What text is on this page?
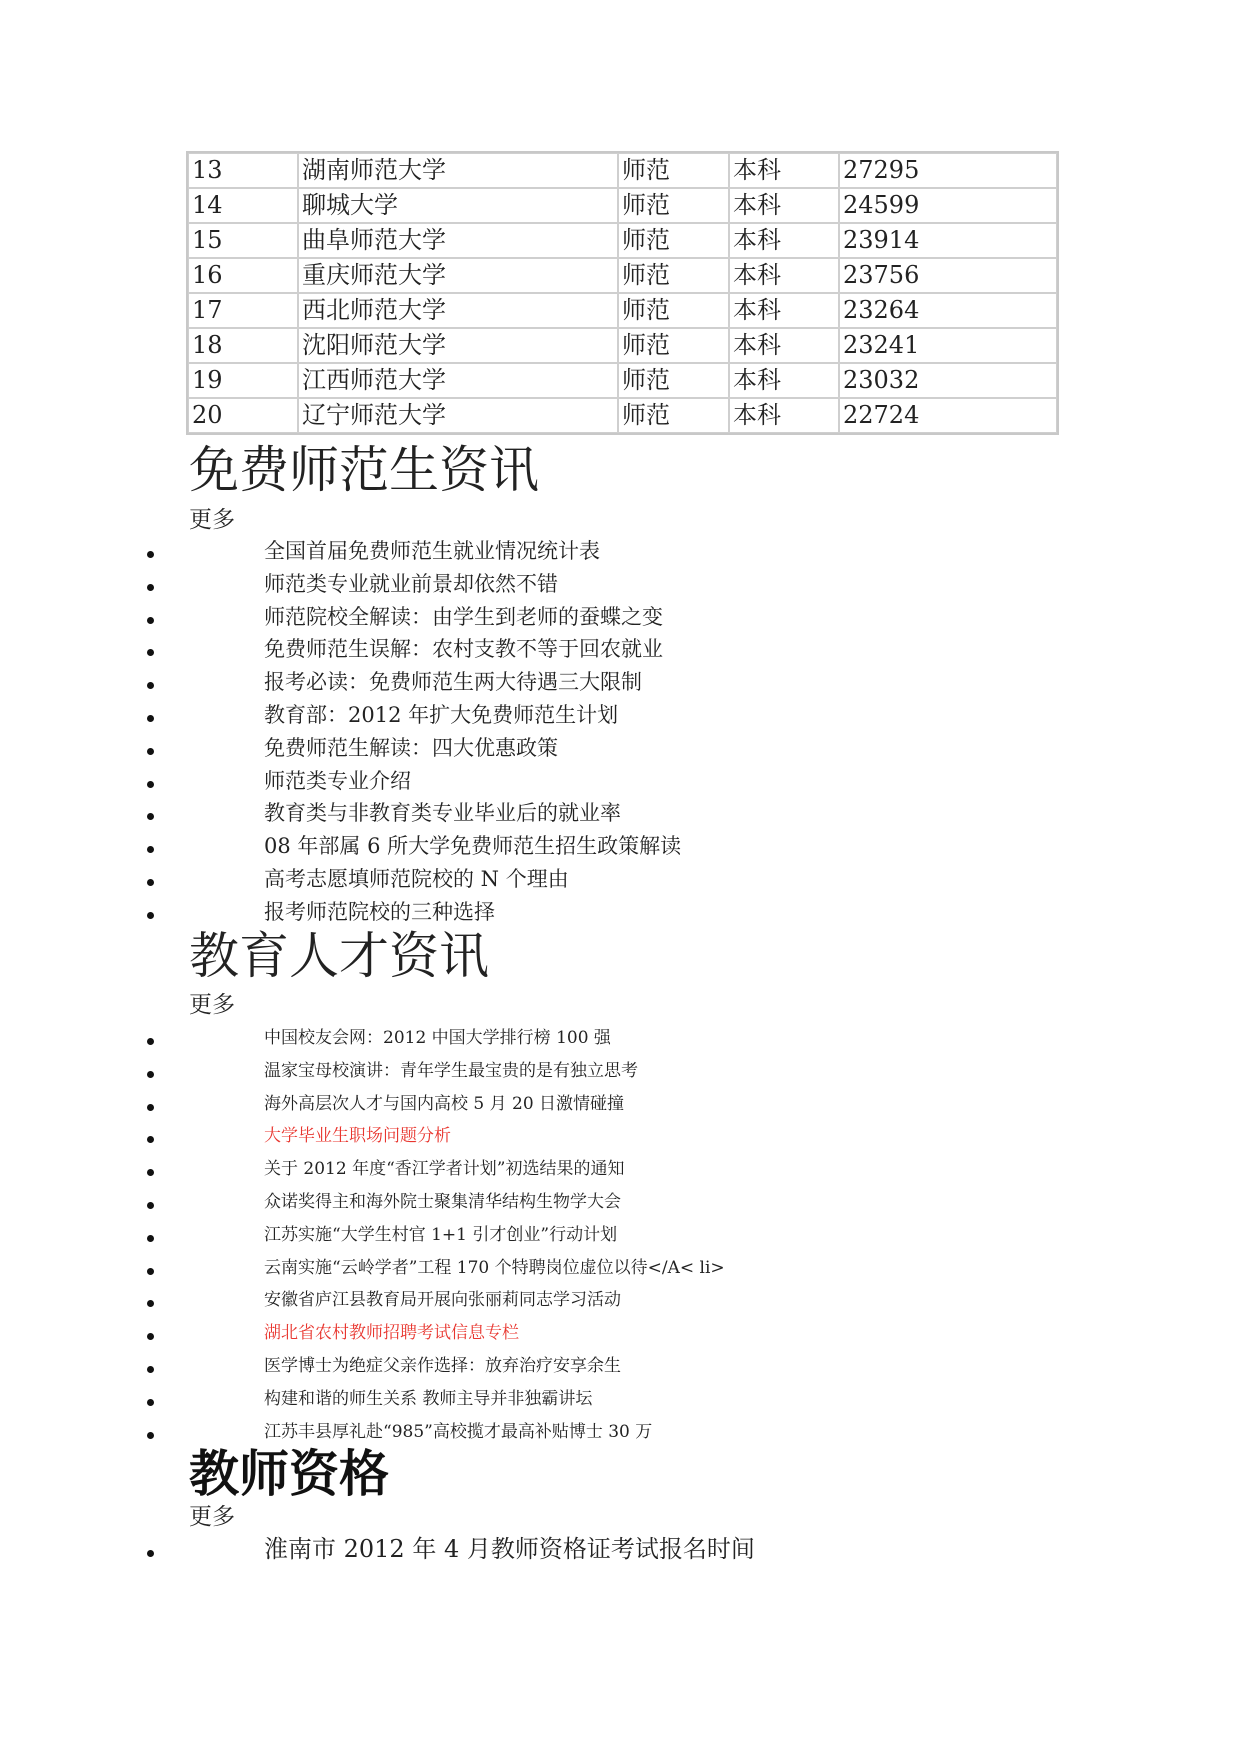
13	湖南师范大学	师范	本科	27295
14	聊城大学	师范	本科	24599
15	曲阜师范大学	师范	本科	23914
16	重庆师范大学	师范	本科	23756
17	西北师范大学	师范	本科	23264
18	沈阳师范大学	师范	本科	23241
19	江西师范大学	师范	本科	23032
20	辽宁师范大学	师范	本科	22724
免费师范生资讯
更多
全国首届免费师范生就业情况统计表
师范类专业就业前景却依然不错
师范院校全解读：由学生到老师的蚕蝶之变
免费师范生误解：农村支教不等于回农就业
报考必读：免费师范生两大待遇三大限制
教育部：2012 年扩大免费师范生计划
免费师范生解读：四大优惠政策
师范类专业介绍
教育类与非教育类专业毕业后的就业率
08 年部属 6 所大学免费师范生招生政策解读
高考志愿填师范院校的 N 个理由
报考师范院校的三种选择
教育人才资讯
更多
中国校友会网：2012 中国大学排行榜 100 强
温家宝母校演讲：青年学生最宝贵的是有独立思考
海外高层次人才与国内高校 5 月 20 日激情碰撞
大学毕业生职场问题分析
关于 2012 年度“香江学者计划”初选结果的通知
众诺奖得主和海外院士聚集清华结构生物学大会
江苏实施“大学生村官 1+1 引才创业”行动计划
云南实施“云岭学者”工程 170 个特聘岗位虚位以待</A< li>
安徽省庐江县教育局开展向张丽莉同志学习活动
湖北省农村教师招聘考试信息专栏
医学博士为绝症父亲作选择：放弃治疗安享余生
构建和谐的师生关系 教师主导并非独霸讲坛
江苏丰县厚礼赴“985”高校揽才最高补贴博士 30 万
教师资格
更多
淮南市 2012 年 4 月教师资格证考试报名时间
